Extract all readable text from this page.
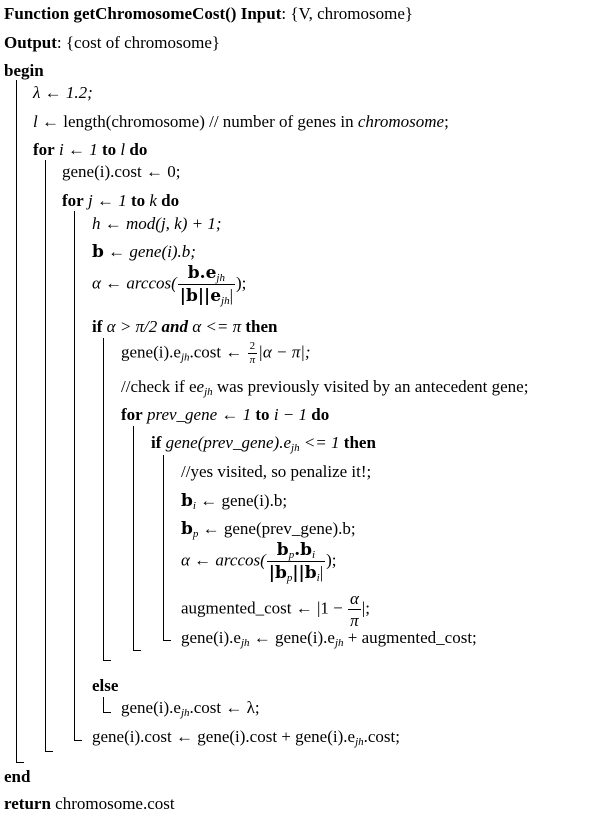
Function getChromosomeCost() Input: {V, chromosome}
Output: {cost of chromosome}
begin
λ ← 1.2;
l ← length(chromosome) // number of genes in chromosome;
for i ← 1 to l do
gene(i).cost ← 0;
for j ← 1 to k do
h ← mod(j, k) + 1;
b ← gene(i).b;
α ← $\arccos( \frac{b.e_{jh}}{|b||e_{jh}|}$ );
if α > π/2 and α <= π then
$gene(i).e_{jh}.\cos t$ ← $\frac{2}{\pi} |\alpha - \pi|$;
//check if $ee_{jh}$ was previously visited by an antecedent gene;
for prev_gene ← 1 to i − 1 do
if $gene(prev\_gene).e_{jh} <= 1$ then
//yes visited, so penalize it!;
$b_i$ ← gene(i).b;
$b_p$ ← gene(prev_gene).b;
α ← $\arccos( \frac{b_p.b_i}{|b_p||b_i|}$ );
augmented_cost ← $|1 - \frac{\alpha}{\pi}$ |;
$gene(i).e_{jh}$ ← $gene(i).e_{jh}$ + augmented_cost;
else
$gene(i).e_{jh}.\cos t$ ← λ;
gene(i).cost ← gene(i).cost + $gene(i).e_{jh}.\cos t$;
end
return chromosome.cost
